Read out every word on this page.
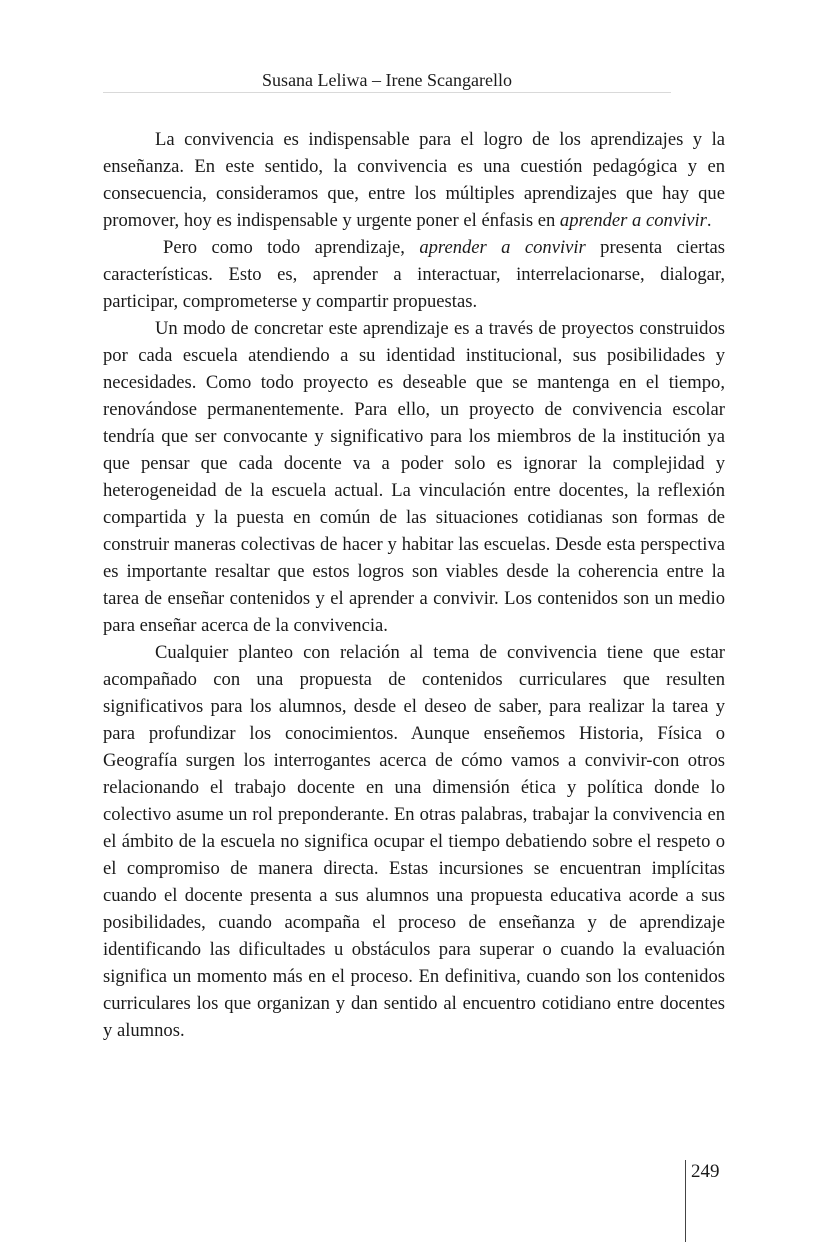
Susana Leliwa – Irene Scangarello

La convivencia es indispensable para el logro de los aprendizajes y la enseñanza. En este sentido, la convivencia es una cuestión pedagógica y en consecuencia, consideramos que, entre los múltiples aprendizajes que hay que promover, hoy es indispensable y urgente poner el énfasis en aprender a convivir.

Pero como todo aprendizaje, aprender a convivir presenta ciertas características. Esto es, aprender a interactuar, interrelacionarse, dialogar, participar, comprometerse y compartir propuestas.

Un modo de concretar este aprendizaje es a través de proyectos construidos por cada escuela atendiendo a su identidad institucional, sus posibilidades y necesidades. Como todo proyecto es deseable que se mantenga en el tiempo, renovándose permanentemente. Para ello, un proyecto de convivencia escolar tendría que ser convocante y significativo para los miembros de la institución ya que pensar que cada docente va a poder solo es ignorar la complejidad y heterogeneidad de la escuela actual. La vinculación entre docentes, la reflexión compartida y la puesta en común de las situaciones cotidianas son formas de construir maneras colectivas de hacer y habitar las escuelas. Desde esta perspectiva es importante resaltar que estos logros son viables desde la coherencia entre la tarea de enseñar contenidos y el aprender a convivir. Los contenidos son un medio para enseñar acerca de la convivencia.

Cualquier planteo con relación al tema de convivencia tiene que estar acompañado con una propuesta de contenidos curriculares que resulten significativos para los alumnos, desde el deseo de saber, para realizar la tarea y para profundizar los conocimientos. Aunque enseñemos Historia, Física o Geografía surgen los interrogantes acerca de cómo vamos a convivir-con otros relacionando el trabajo docente en una dimensión ética y política donde lo colectivo asume un rol preponderante. En otras palabras, trabajar la convivencia en el ámbito de la escuela no significa ocupar el tiempo debatiendo sobre el respeto o el compromiso de manera directa. Estas incursiones se encuentran implícitas cuando el docente presenta a sus alumnos una propuesta educativa acorde a sus posibilidades, cuando acompaña el proceso de enseñanza y de aprendizaje identificando las dificultades u obstáculos para superar o cuando la evaluación significa un momento más en el proceso. En definitiva, cuando son los contenidos curriculares los que organizan y dan sentido al encuentro cotidiano entre docentes y alumnos.

249
